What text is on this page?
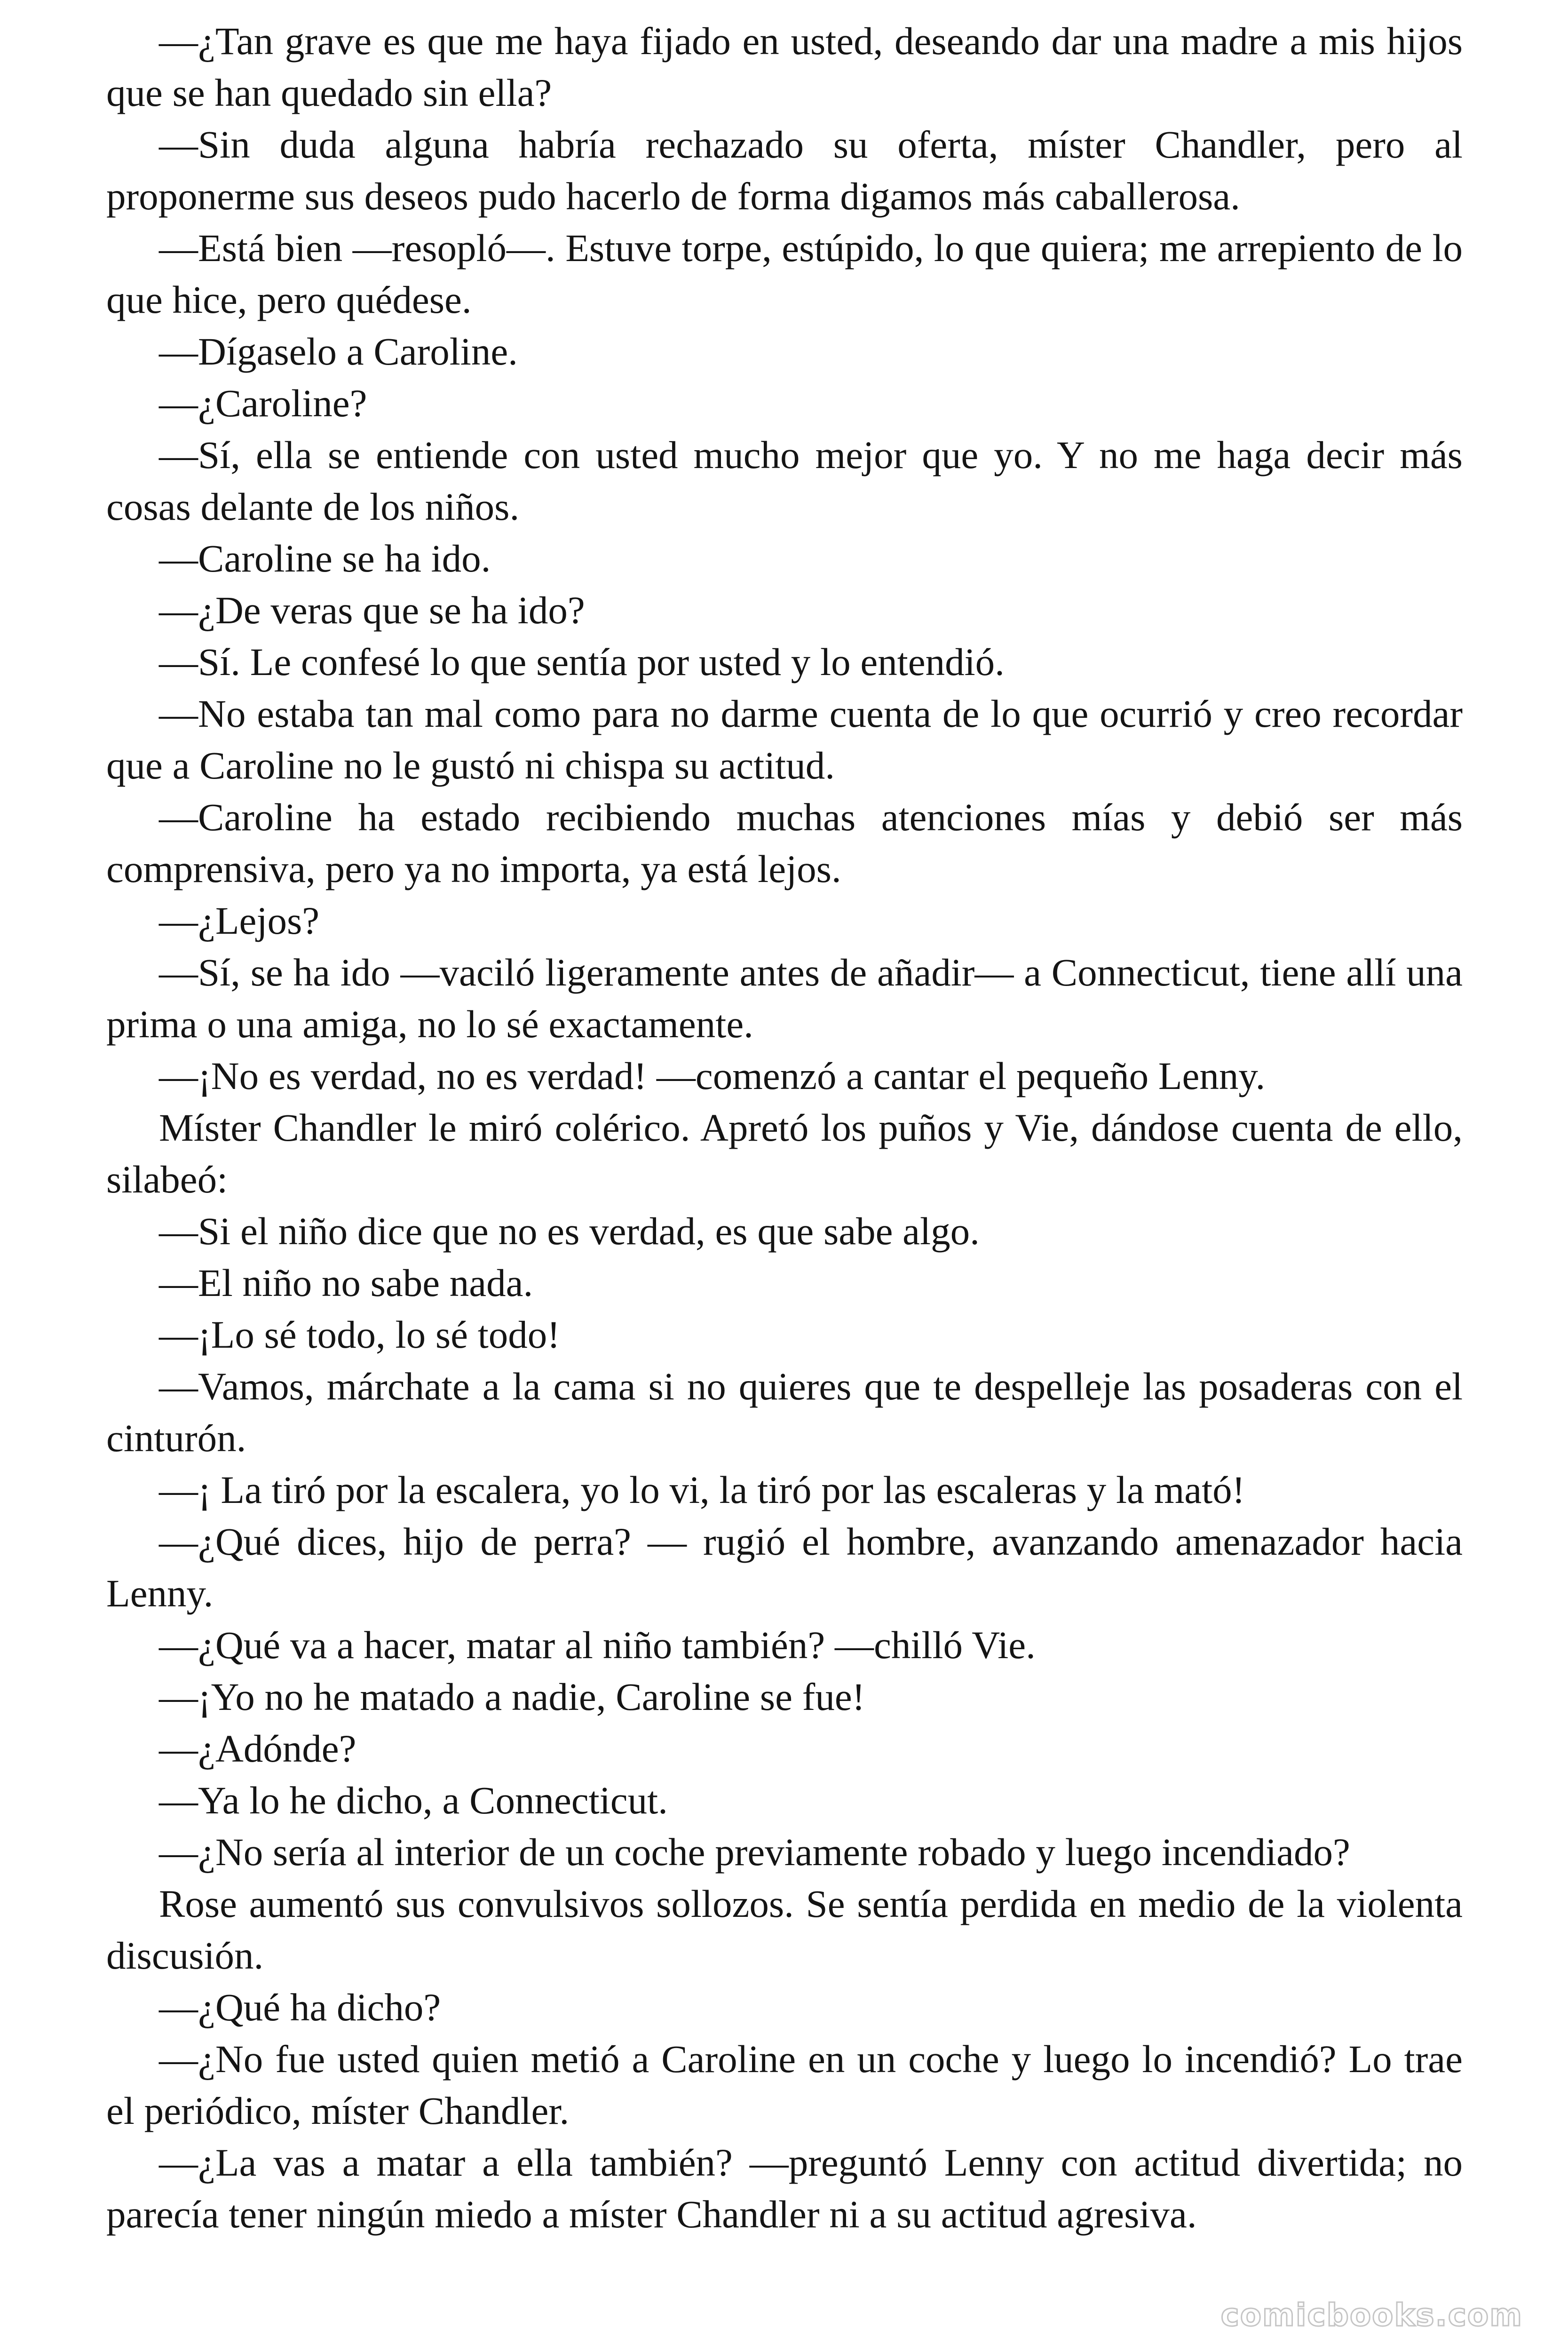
—¿Tan grave es que me haya fijado en usted, deseando dar una madre a mis hijos que se han quedado sin ella?

—Sin duda alguna habría rechazado su oferta, míster Chandler, pero al proponerme sus deseos pudo hacerlo de forma digamos más caballerosa.

—Está bien —resopló—. Estuve torpe, estúpido, lo que quiera; me arrepiento de lo que hice, pero quédese.

—Dígaselo a Caroline.

—¿Caroline?

—Sí, ella se entiende con usted mucho mejor que yo. Y no me haga decir más cosas delante de los niños.

—Caroline se ha ido.

—¿De veras que se ha ido?

—Sí. Le confesé lo que sentía por usted y lo entendió.

—No estaba tan mal como para no darme cuenta de lo que ocurrió y creo recordar que a Caroline no le gustó ni chispa su actitud.

—Caroline ha estado recibiendo muchas atenciones mías y debió ser más comprensiva, pero ya no importa, ya está lejos.

—¿Lejos?

—Sí, se ha ido —vaciló ligeramente antes de añadir— a Connecticut, tiene allí una prima o una amiga, no lo sé exactamente.

—¡No es verdad, no es verdad! —comenzó a cantar el pequeño Lenny.

Míster Chandler le miró colérico. Apretó los puños y Vie, dándose cuenta de ello, silabeó:

—Si el niño dice que no es verdad, es que sabe algo.

—El niño no sabe nada.

—¡Lo sé todo, lo sé todo!

—Vamos, márchate a la cama si no quieres que te despelleje las posaderas con el cinturón.

—¡ La tiró por la escalera, yo lo vi, la tiró por las escaleras y la mató!

—¿Qué dices, hijo de perra? — rugió el hombre, avanzando amenazador hacia Lenny.

—¿Qué va a hacer, matar al niño también? —chilló Vie.

—¡Yo no he matado a nadie, Caroline se fue!

—¿Adónde?

—Ya lo he dicho, a Connecticut.

—¿No sería al interior de un coche previamente robado y luego incendiado?

Rose aumentó sus convulsivos sollozos. Se sentía perdida en medio de la violenta discusión.

—¿Qué ha dicho?

—¿No fue usted quien metió a Caroline en un coche y luego lo incendió? Lo trae el periódico, míster Chandler.

—¿La vas a matar a ella también? —preguntó Lenny con actitud divertida; no parecía tener ningún miedo a míster Chandler ni a su actitud agresiva.

comicbooks.com
